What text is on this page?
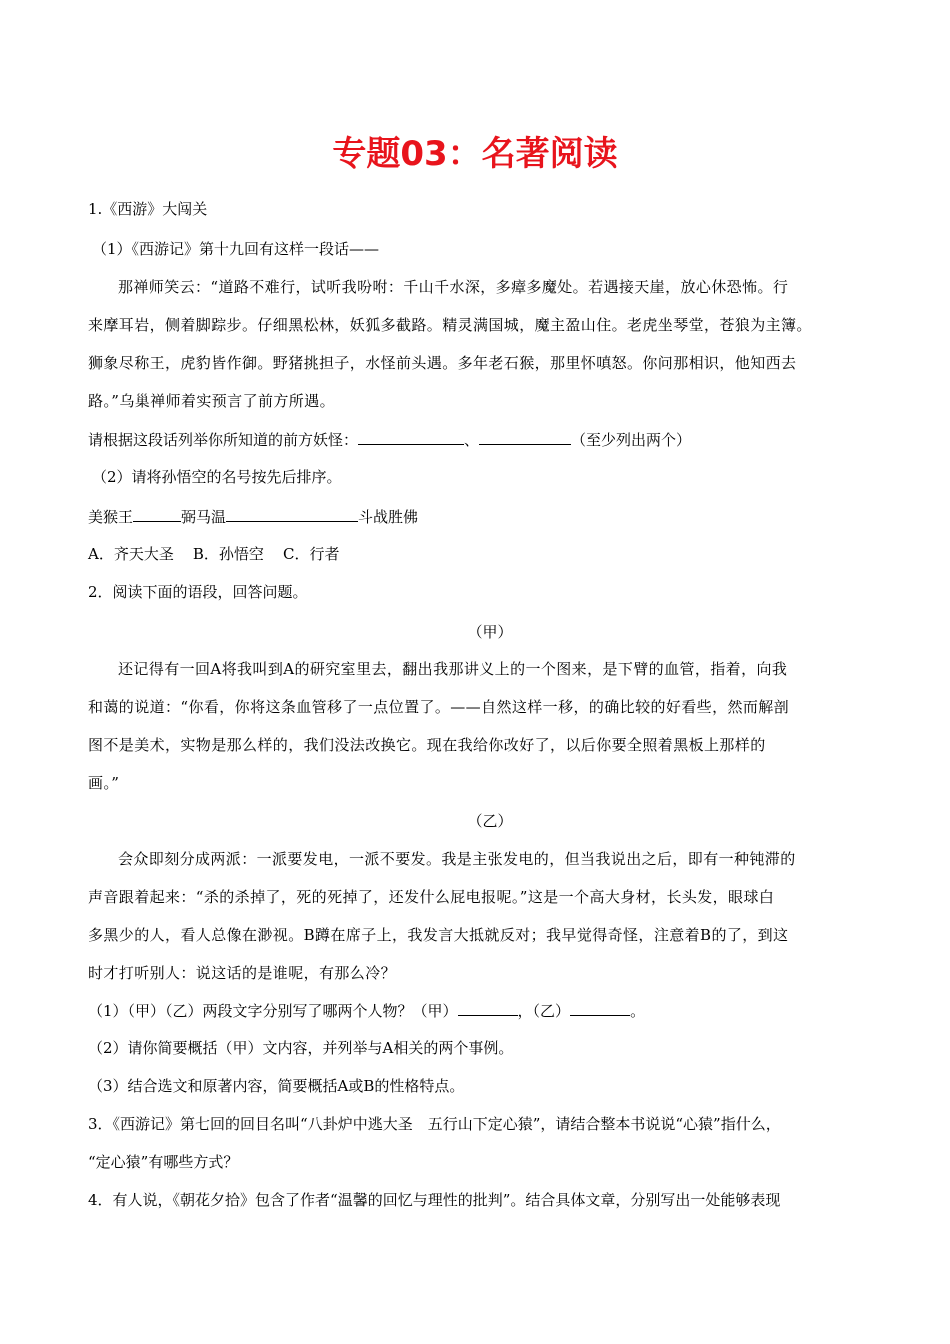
专题03：名著阅读
1.《西游》大闯关
（1）《西游记》第十九回有这样一段话——
那禅师笑云：“道路不难行，试听我吩咐：千山千水深，多瘴多魔处。若遇接天崖，放心休恐怖。行
来摩耳岩，侧着脚踪步。仔细黑松林，妖狐多截路。精灵满国城，魔主盈山住。老虎坐琴堂，苍狼为主簿。
狮象尽称王，虎豹皆作御。野猪挑担子，水怪前头遇。多年老石猴，那里怀嗔怒。你问那相识，他知西去
路。”乌巢禅师着实预言了前方所遇。
请根据这段话列举你所知道的前方妖怪：	、	（至少列出两个）
（2）请将孙悟空的名号按先后排序。
美猴王	弼马温	斗战胜佛
A．齐天大圣    B．孙悟空    C．行者
2．阅读下面的语段，回答问题。
（甲）
还记得有一回A将我叫到A的研究室里去，翻出我那讲义上的一个图来，是下臂的血管，指着，向我
和蔼的说道：“你看，你将这条血管移了一点位置了。——自然这样一移，的确比较的好看些，然而解剖
图不是美术，实物是那么样的，我们没法改换它。现在我给你改好了，以后你要全照着黑板上那样的
画。”
（乙）
会众即刻分成两派：一派要发电，一派不要发。我是主张发电的，但当我说出之后，即有一种钝滞的
声音跟着起来：“杀的杀掉了，死的死掉了，还发什么屁电报呢。”这是一个高大身材，长头发，眼球白
多黑少的人，看人总像在渺视。B蹲在席子上，我发言大抵就反对；我早觉得奇怪，注意着B的了，到这
时才打听别人：说这话的是谁呢，有那么冷？
（1）（甲）（乙）两段文字分别写了哪两个人物？（甲）	，（乙）	。
（2）请你简要概括（甲）文内容，并列举与A相关的两个事例。
（3）结合选文和原著内容，简要概括A或B的性格特点。
3．《西游记》第七回的回目名叫“八卦炉中逃大圣　五行山下定心猿”，请结合整本书说说“心猿”指什么，
“定心猿”有哪些方式？
4．有人说，《朝花夕拾》包含了作者“温馨的回忆与理性的批判”。结合具体文章，分别写出一处能够表现
